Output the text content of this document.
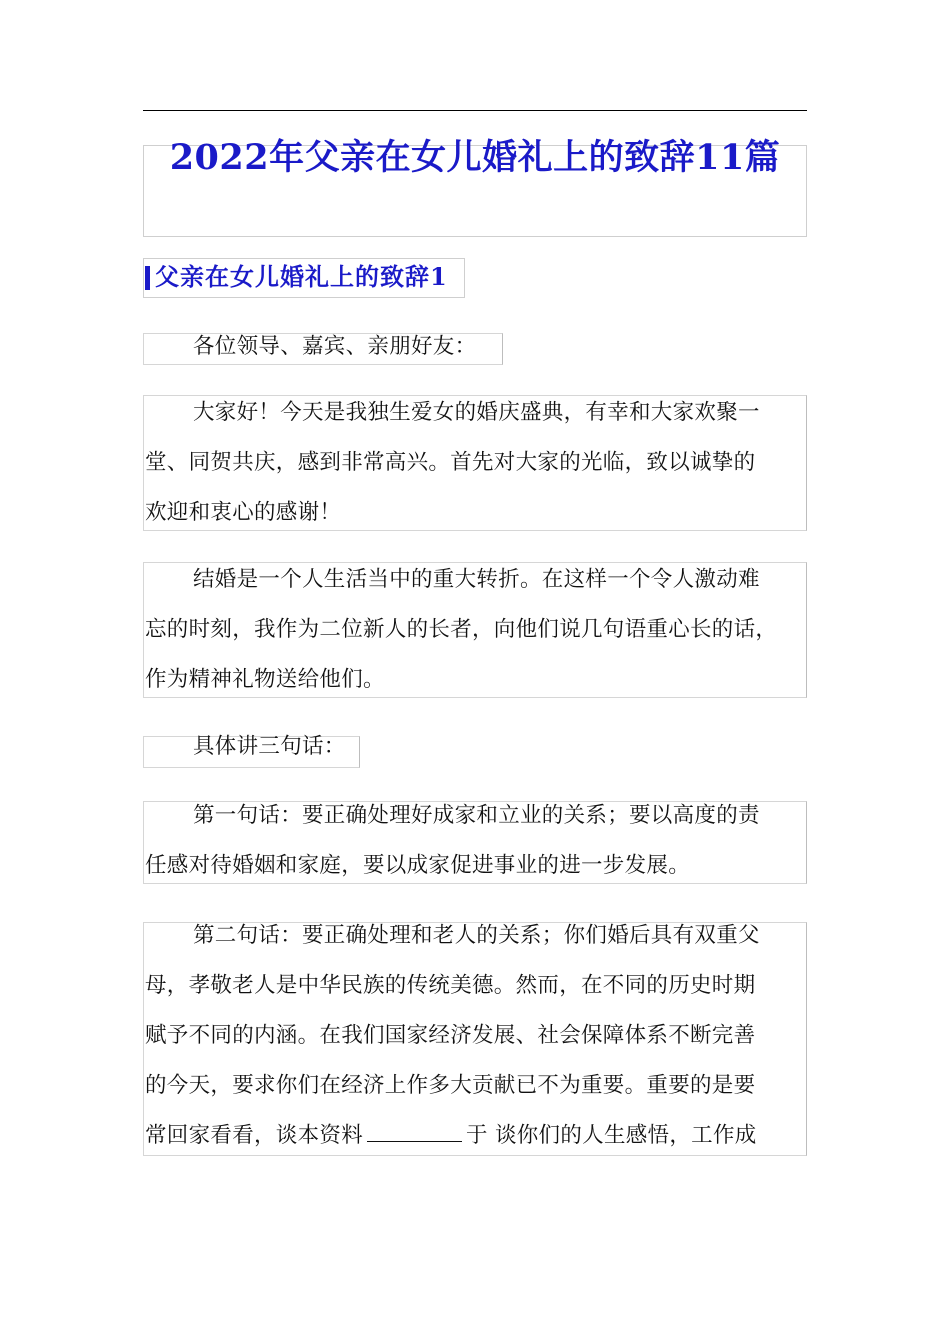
2022年父亲在女儿婚礼上的致辞11篇
父亲在女儿婚礼上的致辞1
各位领导、嘉宾、亲朋好友：
大家好！今天是我独生爱女的婚庆盛典，有幸和大家欢聚一
堂、同贺共庆，感到非常高兴。首先对大家的光临，致以诚挚的
欢迎和衷心的感谢！
结婚是一个人生活当中的重大转折。在这样一个令人激动难
忘的时刻，我作为二位新人的长者，向他们说几句语重心长的话，
作为精神礼物送给他们。
具体讲三句话：
第一句话：要正确处理好成家和立业的关系；要以高度的责
任感对待婚姻和家庭，要以成家促进事业的进一步发展。
第二句话：要正确处理和老人的关系；你们婚后具有双重父
母，孝敬老人是中华民族的传统美德。然而，在不同的历史时期
赋予不同的内涵。在我们国家经济发展、社会保障体系不断完善
的今天，要求你们在经济上作多大贡献已不为重要。重要的是要
常回家看看，谈本资料	于 谈你们的人生感悟，工作成
